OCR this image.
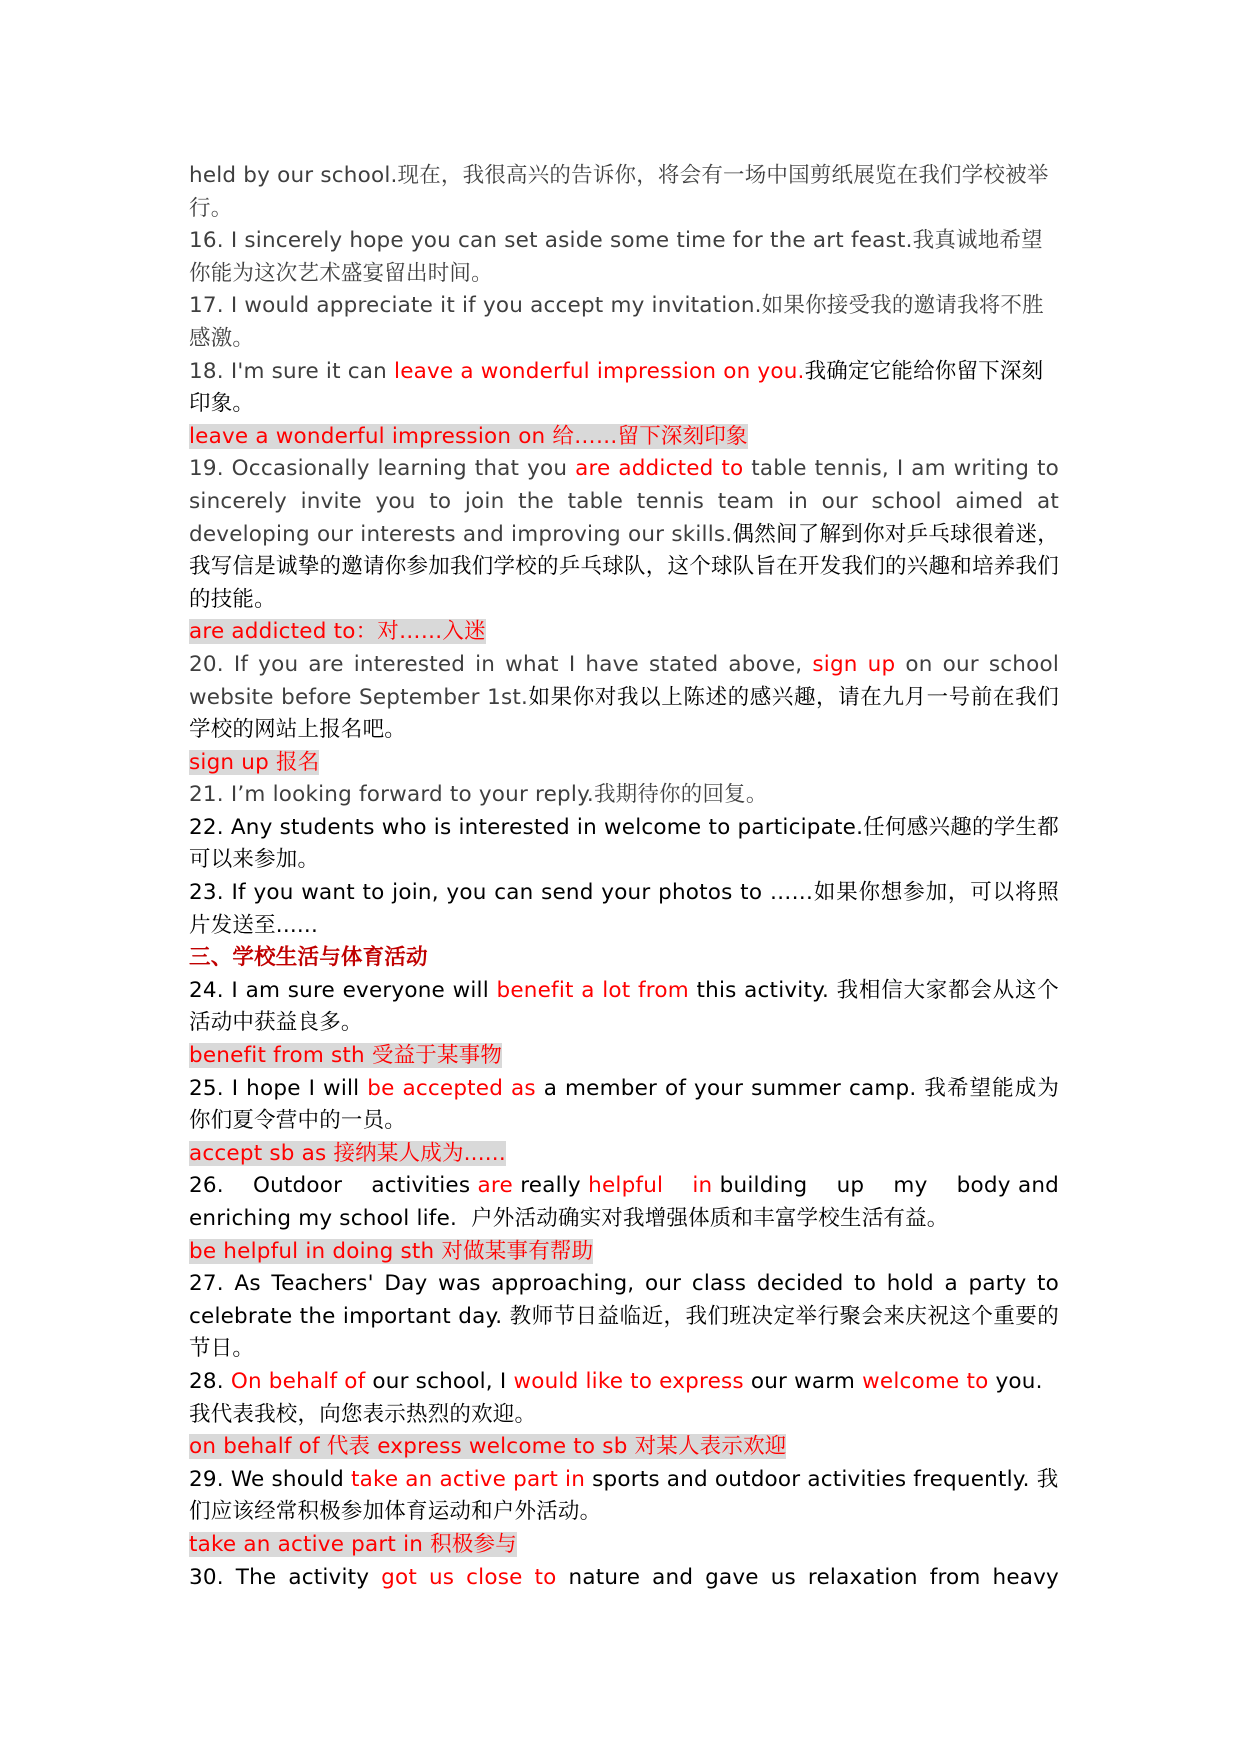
held by our school.现在，我很高兴的告诉你，将会有一场中国剪纸展览在我们学校被举行。

16. I sincerely hope you can set aside some time for the art feast.我真诚地希望你能为这次艺术盛宴留出时间。

17. I would appreciate it if you accept my invitation.如果你接受我的邀请我将不胜感激。

18. I'm sure it can leave a wonderful impression on you.我确定它能给你留下深刻印象。

leave a wonderful impression on 给……留下深刻印象

19. Occasionally learning that you are addicted to table tennis, I am writing to sincerely invite you to join the table tennis team in our school aimed at developing our interests and improving our skills.偶然间了解到你对乒乓球很着迷，我写信是诚挚的邀请你参加我们学校的乒乓球队，这个球队旨在开发我们的兴趣和培养我们的技能。

are addicted to：对……入迷

20. If you are interested in what I have stated above, sign up on our school website before September 1st.如果你对我以上陈述的感兴趣，请在九月一号前在我们学校的网站上报名吧。

sign up 报名

21. I’m looking forward to your reply.我期待你的回复。

22. Any students who is interested in welcome to participate.任何感兴趣的学生都可以来参加。

23. If you want to join, you can send your photos to ……如果你想参加，可以将照片发送至......

三、学校生活与体育活动

24. I am sure everyone will benefit a lot from this activity. 我相信大家都会从这个活动中获益良多。

benefit from sth 受益于某事物

25. I hope I will be accepted as a member of your summer camp. 我希望能成为你们夏令营中的一员。

accept sb as 接纳某人成为......

26.    Outdoor    activities are really helpful    in building    up    my    body and enriching my school life.  户外活动确实对我增强体质和丰富学校生活有益。

be helpful in doing sth 对做某事有帮助

27. As Teachers' Day was approaching, our class decided to hold a party to celebrate the important day. 教师节日益临近，我们班决定举行聚会来庆祝这个重要的节日。

28. On behalf of our school, I would like to express our warm welcome to you. 我代表我校，向您表示热烈的欢迎。

on behalf of 代表 express welcome to sb 对某人表示欢迎

29. We should take an active part in sports and outdoor activities frequently. 我们应该经常积极参加体育运动和户外活动。

take an active part in 积极参与

30. The activity got us close to nature and gave us relaxation from heavy
